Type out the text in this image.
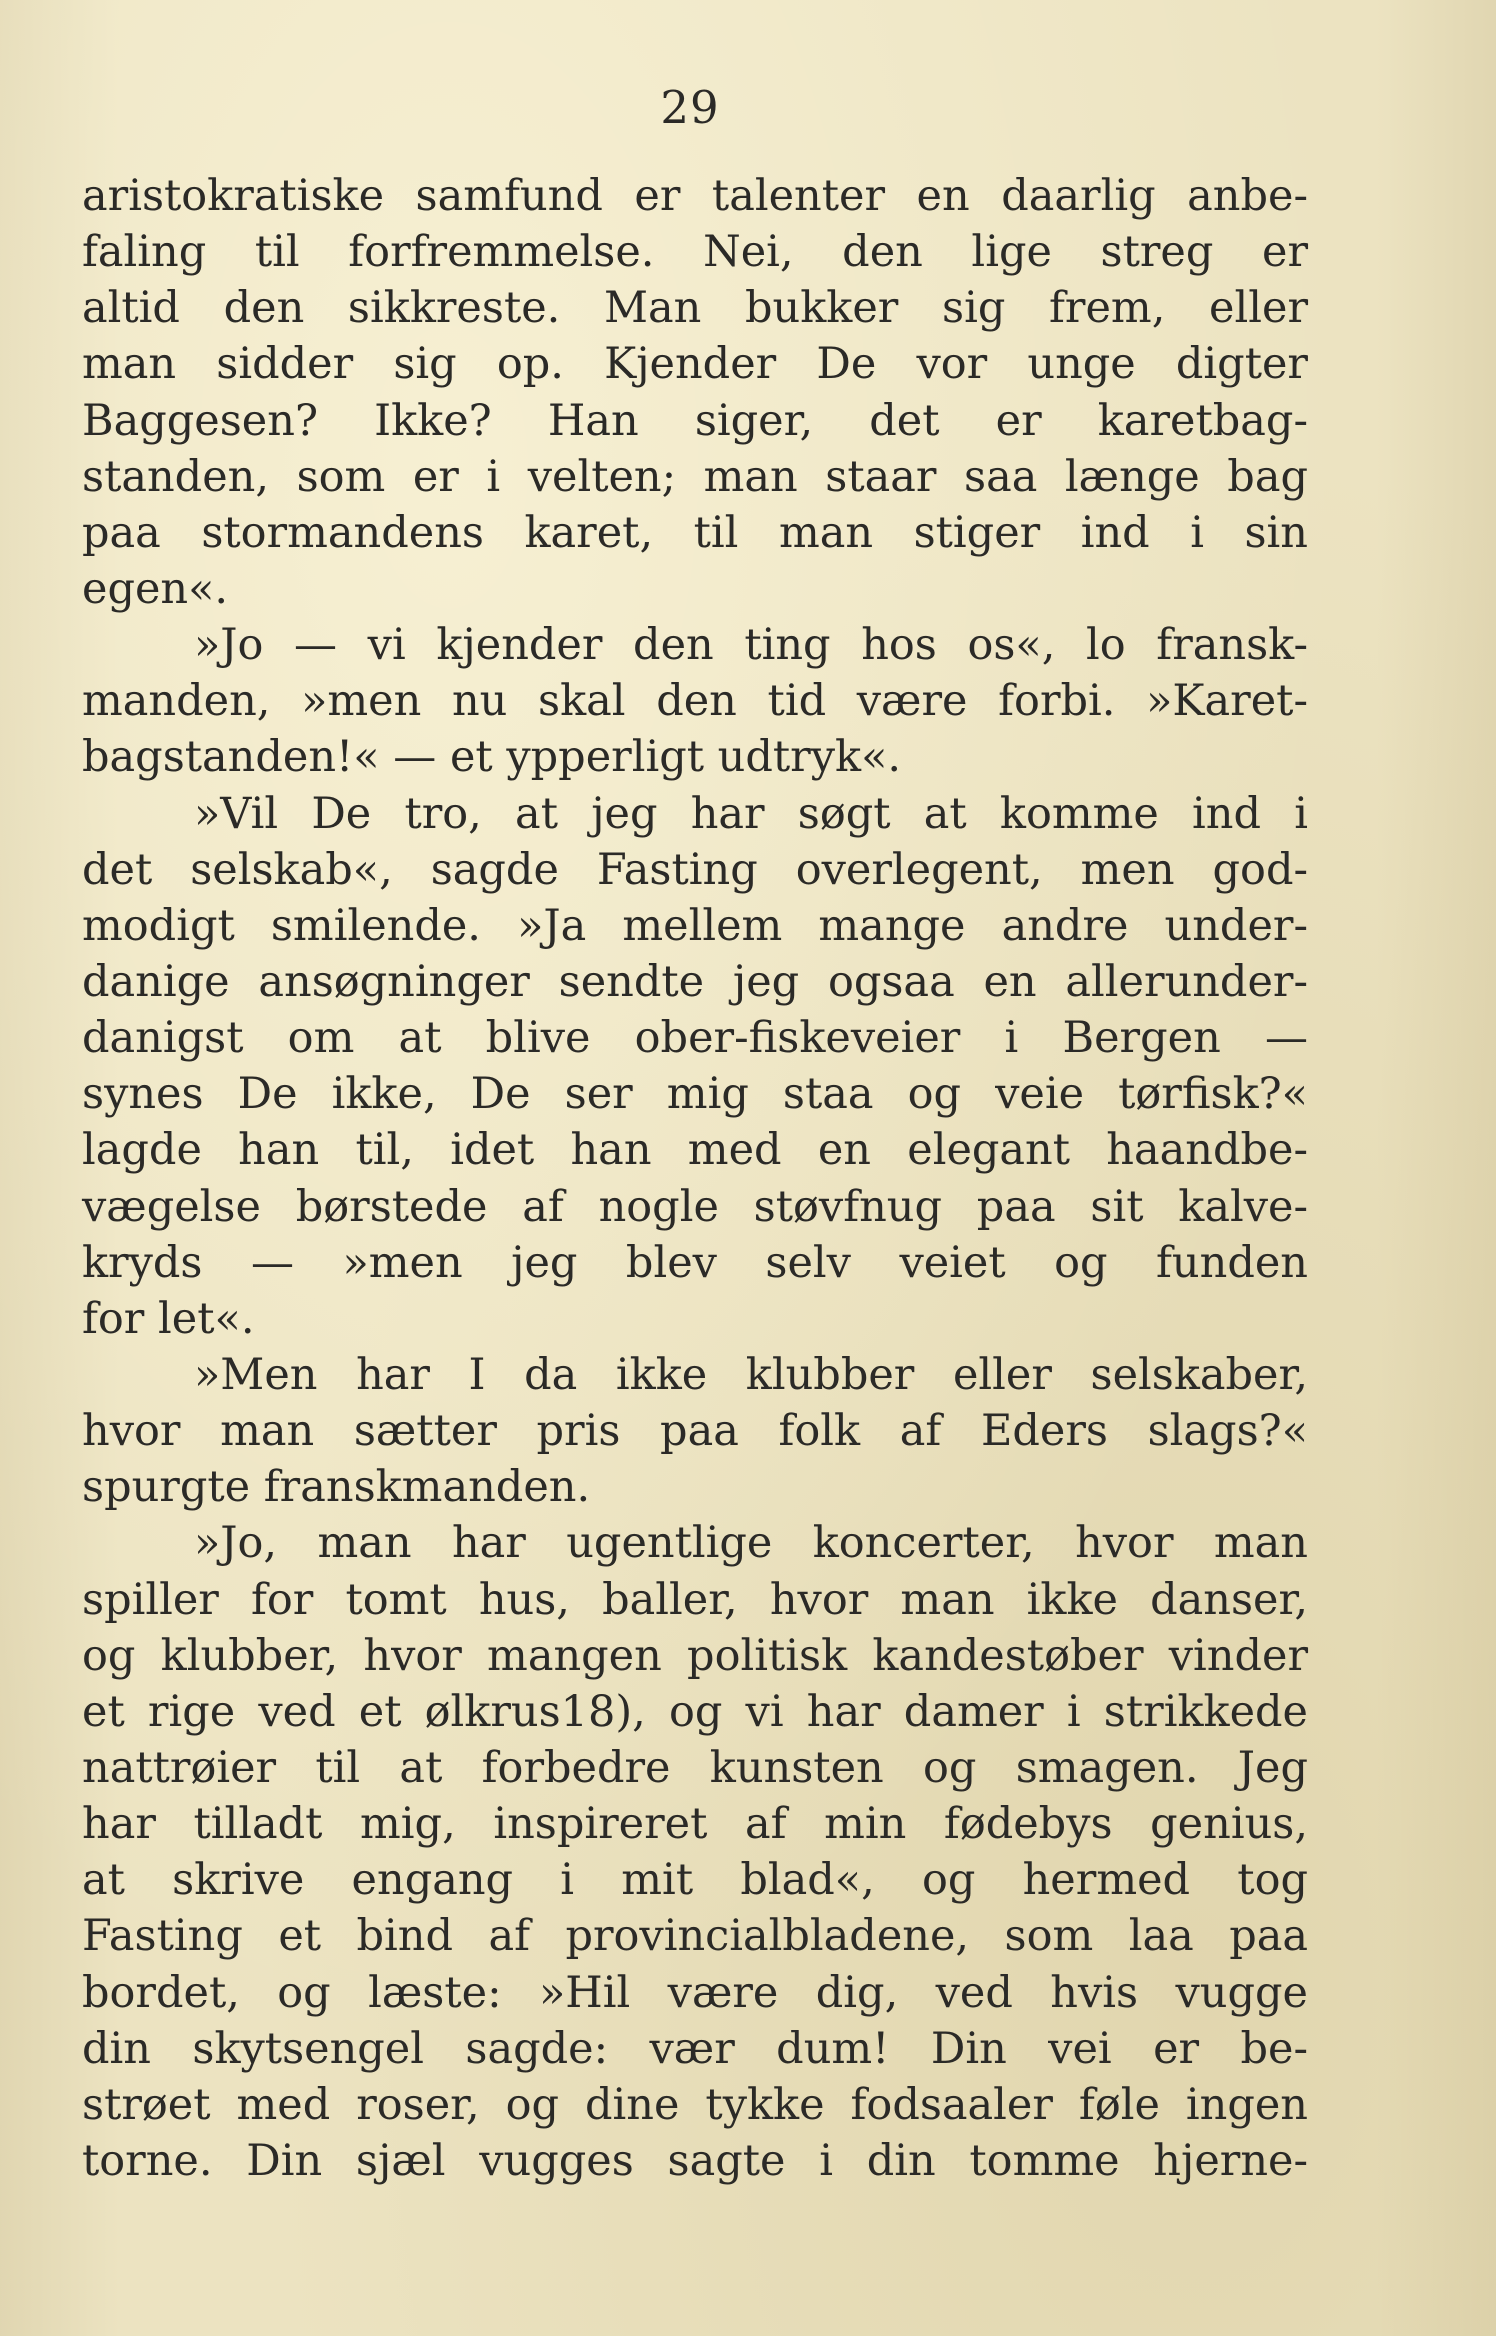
29
aristokratiske samfund er talenter en daarlig anbe-
faling til forfremmelse. Nei, den lige streg er
altid den sikkreste. Man bukker sig frem, eller
man sidder sig op. Kjender De vor unge digter
Baggesen? Ikke? Han siger, det er karetbag-
standen, som er i velten; man staar saa længe bag
paa stormandens karet, til man stiger ind i sin
egen«.
»Jo — vi kjender den ting hos os«, lo fransk-
manden, »men nu skal den tid være forbi. »Karet-
bagstanden!« — et ypperligt udtryk«.
»Vil De tro, at jeg har søgt at komme ind i
det selskab«, sagde Fasting overlegent, men god-
modigt smilende. »Ja mellem mange andre under-
danige ansøgninger sendte jeg ogsaa en allerunder-
danigst om at blive ober-fiskeveier i Bergen —
synes De ikke, De ser mig staa og veie tørfisk?«
lagde han til, idet han med en elegant haandbe-
vægelse børstede af nogle støvfnug paa sit kalve-
kryds — »men jeg blev selv veiet og funden
for let«.
»Men har I da ikke klubber eller selskaber,
hvor man sætter pris paa folk af Eders slags?«
spurgte franskmanden.
»Jo, man har ugentlige koncerter, hvor man
spiller for tomt hus, baller, hvor man ikke danser,
og klubber, hvor mangen politisk kandestøber vinder
et rige ved et ølkrus18), og vi har damer i strikkede
nattrøier til at forbedre kunsten og smagen. Jeg
har tilladt mig, inspireret af min fødebys genius,
at skrive engang i mit blad«, og hermed tog
Fasting et bind af provincialbladene, som laa paa
bordet, og læste: »Hil være dig, ved hvis vugge
din skytsengel sagde: vær dum! Din vei er be-
strøet med roser, og dine tykke fodsaaler føle ingen
torne. Din sjæl vugges sagte i din tomme hjerne-
